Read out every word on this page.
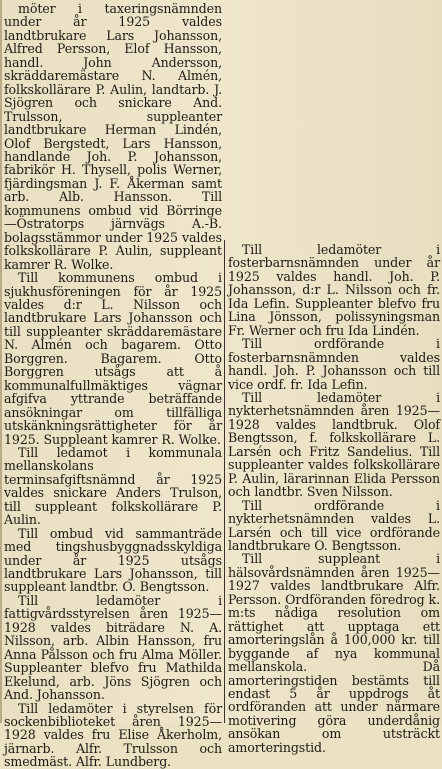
möter i taxeringsnämnden under år 1925 valdes landtbrukare Lars Johansson, Alfred Persson, Elof Hansson, handl. John Andersson, skräddaremästare N. Almén, folkskollärare P. Aulin, landtarb. J. Sjögren och snickare And. Trulsson, suppleanter landtbrukare Herman Lindén, Olof Bergstedt, Lars Hansson, handlande Joh. P. Johansson, fabrikör H. Thysell, polis Werner, fjärdingsman J. F. Åkerman samt arb. Alb. Hansson. Till kommunens ombud vid Börringe—Östratorps järnvägs A.-B. bolagsstämmor under 1925 valdes folkskollärare P. Aulin, suppleant kamrer R. Wolke.

Till kommunens ombud i sjukhusföreningen för år 1925 valdes d:r L. Nilsson och landtbrukare Lars Johansson och till suppleanter skräddaremästare N. Almén och bagarem. Otto Borggren. Bagarem. Otto Borggren utsågs att å kommunalfullmäktiges vägnar afgifva yttrande beträffande ansökningar om tillfälliga utskänkningsrättigheter för år 1925. Suppleant kamrer R. Wolke.

Till ledamot i kommunala mellanskolans terminsafgiftsnämnd år 1925 valdes snickare Anders Trulson, till suppleant folkskollärare P. Aulin.

Till ombud vid sammanträde med tingshusbyggnadsskyldiga under år 1925 utsågs landtbrukare Lars Johansson, till suppleant landtbr. O. Bengtsson.

Till ledamöter i fattigvårdsstyrelsen åren 1925—1928 valdes biträdare N. A. Nilsson, arb. Albin Hansson, fru Anna Pålsson och fru Alma Möller. Suppleanter blefvo fru Mathilda Ekelund, arb. Jöns Sjögren och And. Johansson.

Till ledamöter i styrelsen för sockenbiblioteket åren 1925—1928 valdes fru Elise Åkerholm, järnarb. Alfr. Trulsson och smedmäst. Alfr. Lundberg.

Till ledamöter i fosterbarnsnämnden under år 1925 valdes handl. Joh. P. Johansson, d:r L. Nilsson och fr. Ida Lefin. Suppleanter blefvo fru Lina Jönsson, polissyningsman Fr. Werner och fru Ida Lindén.

Till ordförande i fosterbarnsnämnden valdes handl. Joh. P. Johansson och till vice ordf. fr. Ida Lefin.

Till ledamöter i nykterhetsnämnden åren 1925—1928 valdes landtbruk. Olof Bengtsson, f. folkskollärare L. Larsén och Fritz Sandelius. Till suppleanter valdes folkskollärare P. Aulin, lärarinnan Elida Persson och landtbr. Sven Nilsson.

Till ordförande i nykterhetsnämnden valdes L. Larsén och till vice ordförande landtbrukare O. Bengtsson.

Till suppleant i hälsovårdsnämnden åren 1925—1927 valdes landtbrukare Alfr. Persson. Ordföranden föredrog k. m:ts nådiga resolution om rättighet att upptaga ett amorteringslån å 100,000 kr. till byggande af nya kommunal mellanskola. Då amorteringstiden bestämts till endast 5 år uppdrogs åt ordföranden att under närmare motivering göra underdånig ansökan om utsträckt amorteringstid.
